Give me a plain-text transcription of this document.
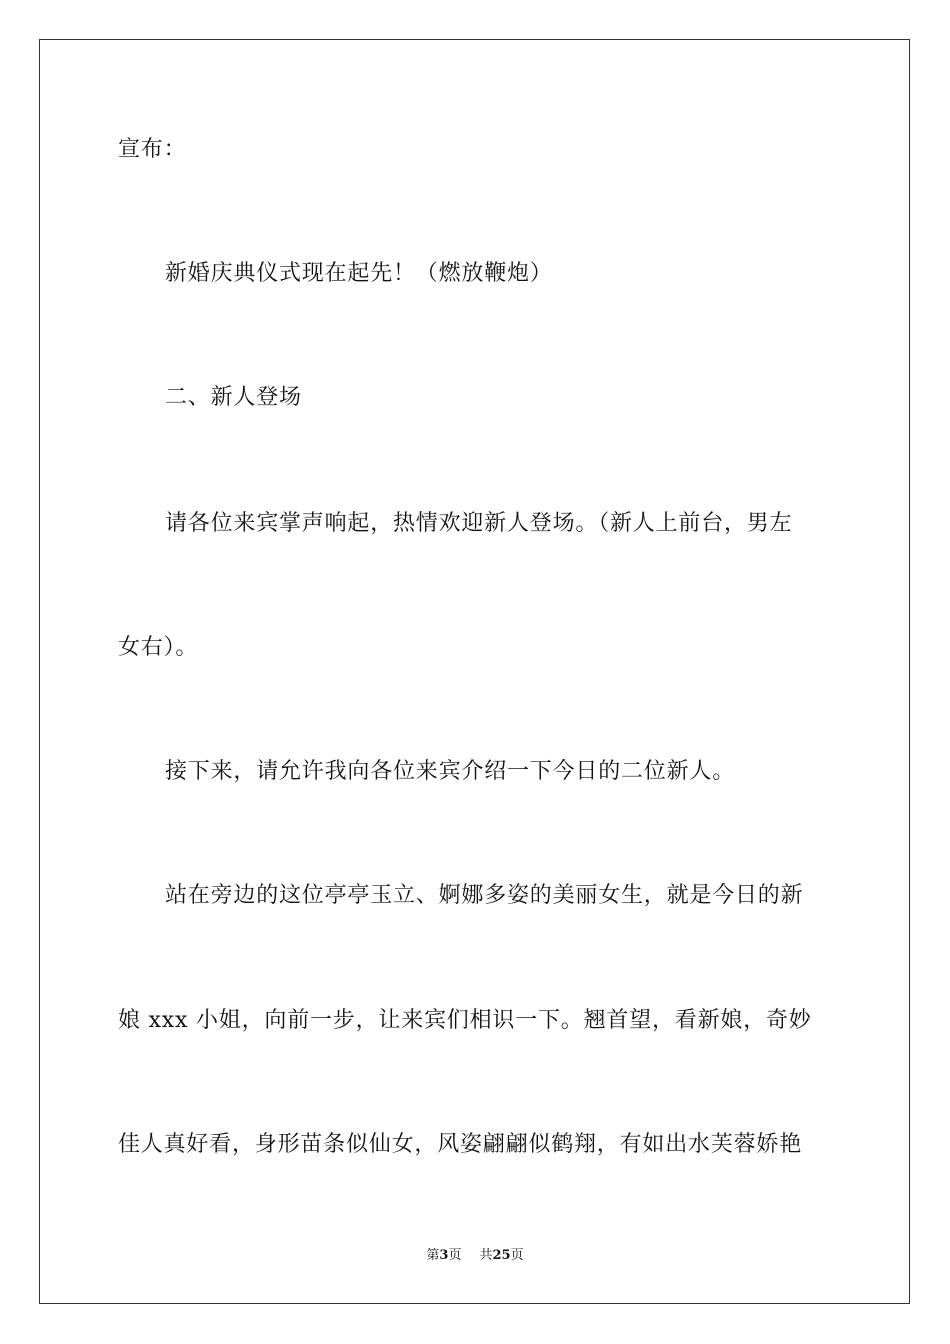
宣布：
新婚庆典仪式现在起先！（燃放鞭炮）
二、新人登场
请各位来宾掌声响起，热情欢迎新人登场。（新人上前台，男左
女右）。
接下来，请允许我向各位来宾介绍一下今日的二位新人。
站在旁边的这位亭亭玉立、婀娜多姿的美丽女生，就是今日的新
娘 xxx 小姐，向前一步，让来宾们相识一下。翘首望，看新娘，奇妙
佳人真好看，身形苗条似仙女，风姿翩翩似鹤翔，有如出水芙蓉娇艳
第3页 共25页
